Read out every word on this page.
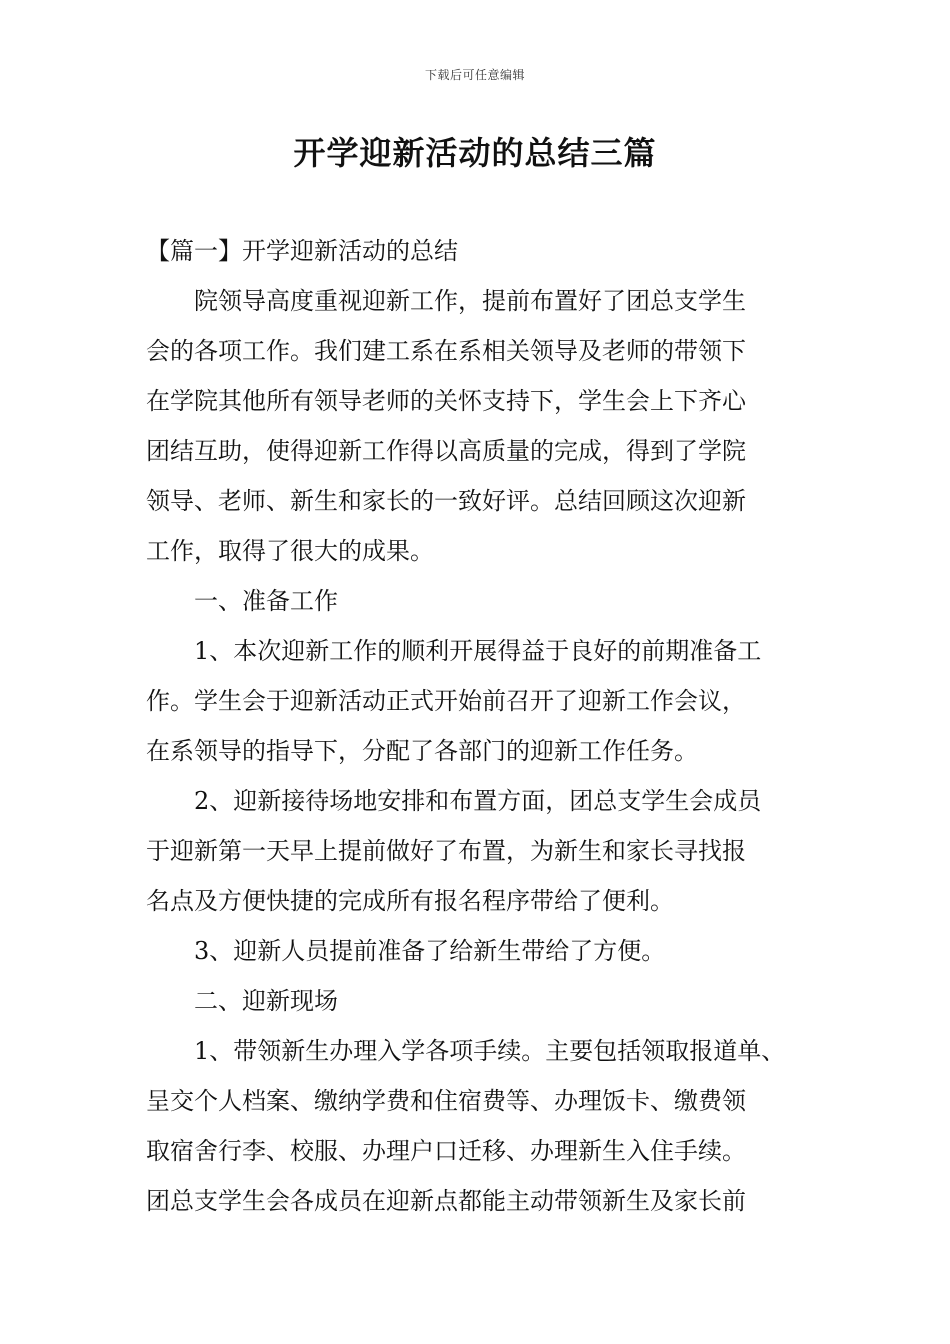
下载后可任意编辑
开学迎新活动的总结三篇
【篇一】开学迎新活动的总结
院领导高度重视迎新工作，提前布置好了团总支学生
会的各项工作。我们建工系在系相关领导及老师的带领下
在学院其他所有领导老师的关怀支持下，学生会上下齐心
团结互助，使得迎新工作得以高质量的完成，得到了学院
领导、老师、新生和家长的一致好评。总结回顾这次迎新
工作，取得了很大的成果。
一、准备工作
1、本次迎新工作的顺利开展得益于良好的前期准备工
作。学生会于迎新活动正式开始前召开了迎新工作会议，
在系领导的指导下，分配了各部门的迎新工作任务。
2、迎新接待场地安排和布置方面，团总支学生会成员
于迎新第一天早上提前做好了布置，为新生和家长寻找报
名点及方便快捷的完成所有报名程序带给了便利。
3、迎新人员提前准备了给新生带给了方便。
二、迎新现场
1、带领新生办理入学各项手续。主要包括领取报道单、
呈交个人档案、缴纳学费和住宿费等、办理饭卡、缴费领
取宿舍行李、校服、办理户口迁移、办理新生入住手续。
团总支学生会各成员在迎新点都能主动带领新生及家长前
